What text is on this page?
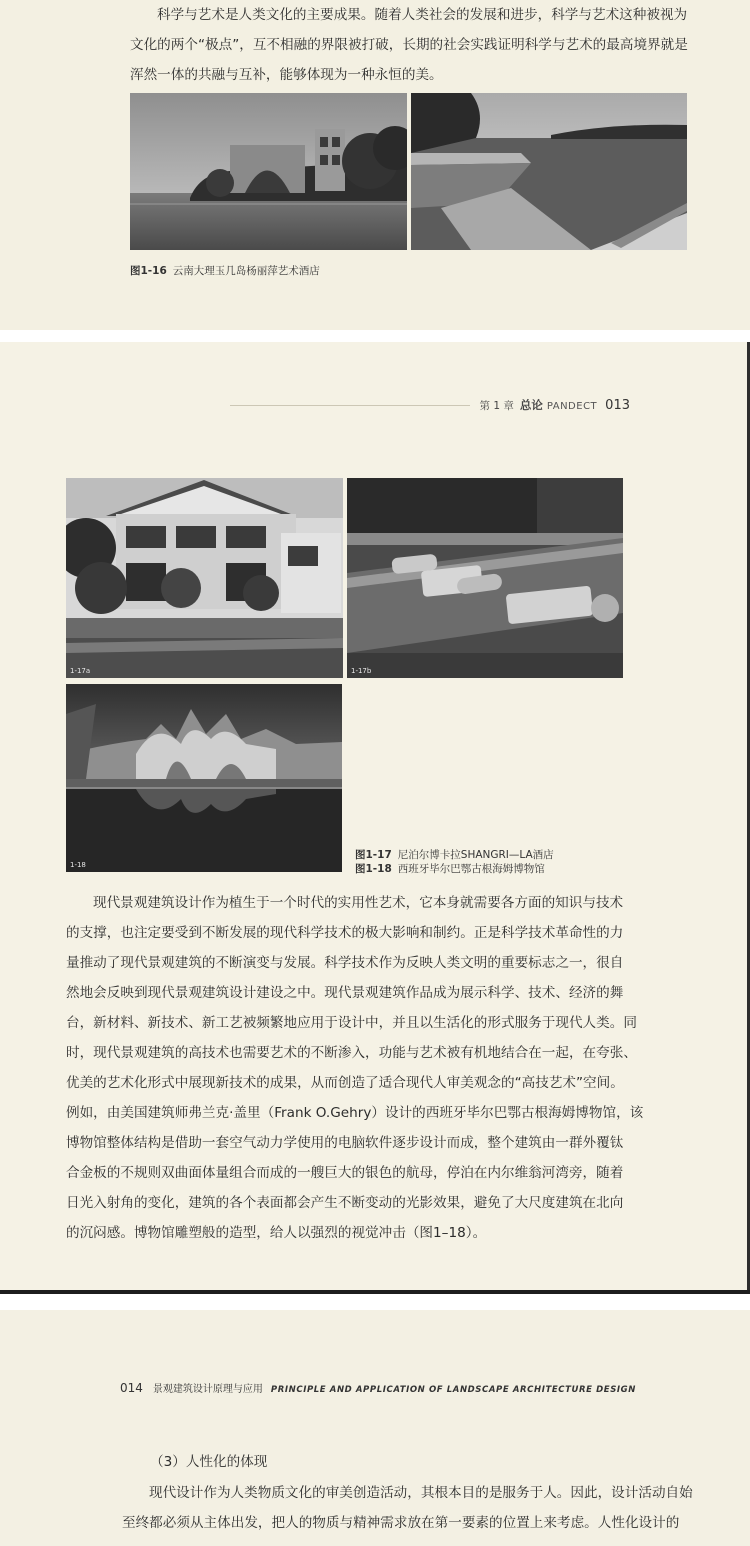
科学与艺术是人类文化的主要成果。随着人类社会的发展和进步，科学与艺术这种被视为
文化的两个“极点”，互不相融的界限被打破，长期的社会实践证明科学与艺术的最高境界就是
浑然一体的共融与互补，能够体现为一种永恒的美。
图1-16 云南大理玉几岛杨丽萍艺术酒店
第 1 章 总论 PANDECT 013
1-17a	1-17b
1-18
图1-17 尼泊尔博卡拉SHANGRI—LA酒店
图1-18 西班牙毕尔巴鄂古根海姆博物馆
现代景观建筑设计作为植生于一个时代的实用性艺术，它本身就需要各方面的知识与技术
的支撑，也注定要受到不断发展的现代科学技术的极大影响和制约。正是科学技术革命性的力
量推动了现代景观建筑的不断演变与发展。科学技术作为反映人类文明的重要标志之一，很自
然地会反映到现代景观建筑设计建设之中。现代景观建筑作品成为展示科学、技术、经济的舞
台，新材料、新技术、新工艺被频繁地应用于设计中，并且以生活化的形式服务于现代人类。同
时，现代景观建筑的高技术也需要艺术的不断渗入，功能与艺术被有机地结合在一起，在夸张、
优美的艺术化形式中展现新技术的成果，从而创造了适合现代人审美观念的“高技艺术”空间。
例如，由美国建筑师弗兰克·盖里（Frank O.Gehry）设计的西班牙毕尔巴鄂古根海姆博物馆，该
博物馆整体结构是借助一套空气动力学使用的电脑软件逐步设计而成，整个建筑由一群外覆钛
合金板的不规则双曲面体量组合而成的一艘巨大的银色的航母，停泊在内尔维翁河湾旁，随着
日光入射角的变化，建筑的各个表面都会产生不断变动的光影效果，避免了大尺度建筑在北向
的沉闷感。博物馆雕塑般的造型，给人以强烈的视觉冲击（图1–18）。
014 景观建筑设计原理与应用 PRINCIPLE AND APPLICATION OF LANDSCAPE ARCHITECTURE DESIGN
（3）人性化的体现
现代设计作为人类物质文化的审美创造活动，其根本目的是服务于人。因此，设计活动自始
至终都必须从主体出发，把人的物质与精神需求放在第一要素的位置上来考虑。人性化设计的
